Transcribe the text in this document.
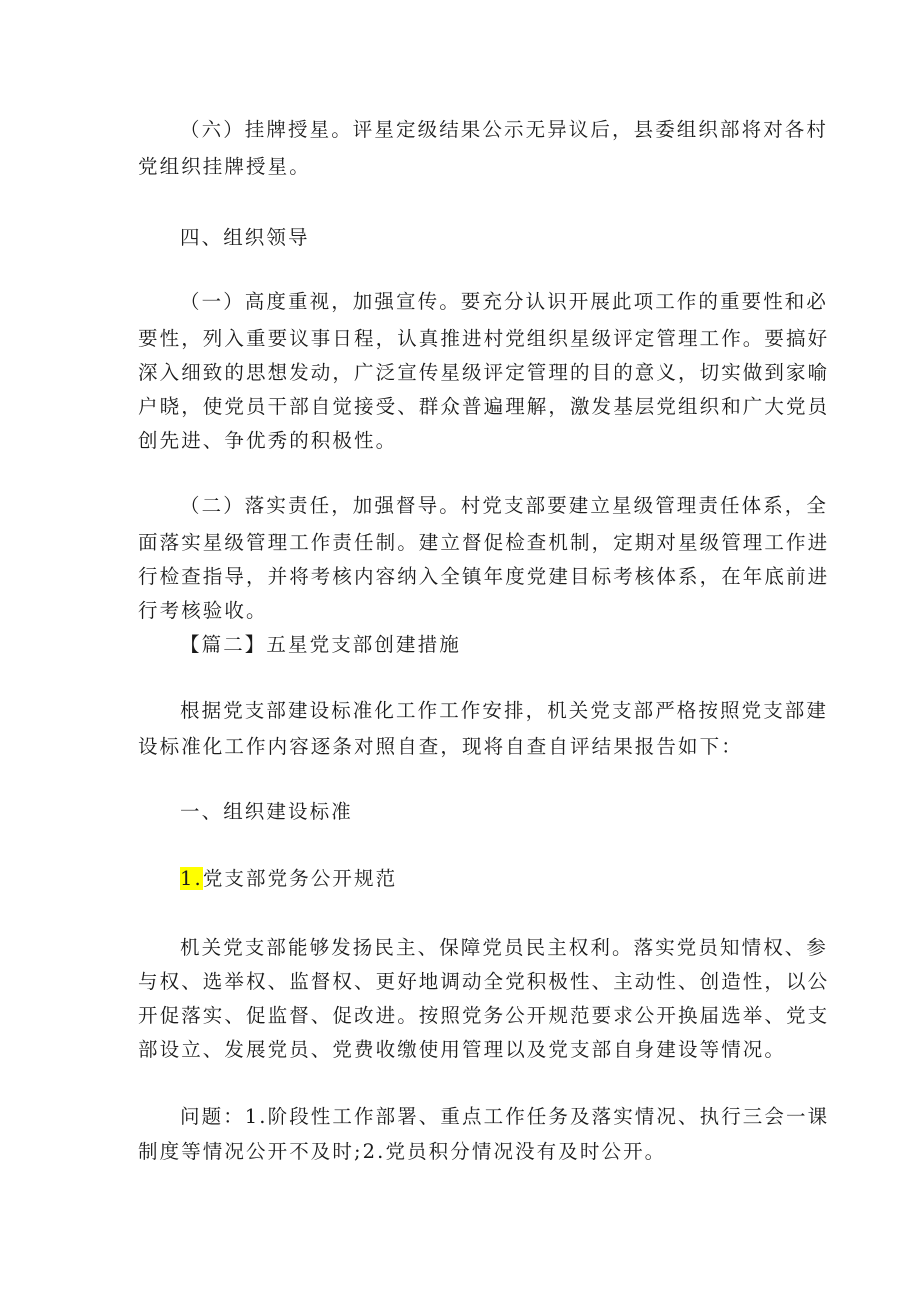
（六）挂牌授星。评星定级结果公示无异议后，县委组织部将对各村
党组织挂牌授星。
四、组织领导
（一）高度重视，加强宣传。要充分认识开展此项工作的重要性和必
要性，列入重要议事日程，认真推进村党组织星级评定管理工作。要搞好
深入细致的思想发动，广泛宣传星级评定管理的目的意义，切实做到家喻
户晓，使党员干部自觉接受、群众普遍理解，激发基层党组织和广大党员
创先进、争优秀的积极性。
（二）落实责任，加强督导。村党支部要建立星级管理责任体系，全
面落实星级管理工作责任制。建立督促检查机制，定期对星级管理工作进
行检查指导，并将考核内容纳入全镇年度党建目标考核体系，在年底前进
行考核验收。
【篇二】五星党支部创建措施
根据党支部建设标准化工作工作安排，机关党支部严格按照党支部建
设标准化工作内容逐条对照自查，现将自查自评结果报告如下：
一、组织建设标准
1.党支部党务公开规范
机关党支部能够发扬民主、保障党员民主权利。落实党员知情权、参
与权、选举权、监督权、更好地调动全党积极性、主动性、创造性，以公
开促落实、促监督、促改进。按照党务公开规范要求公开换届选举、党支
部设立、发展党员、党费收缴使用管理以及党支部自身建设等情况。
问题：1.阶段性工作部署、重点工作任务及落实情况、执行三会一课
制度等情况公开不及时;2.党员积分情况没有及时公开。
